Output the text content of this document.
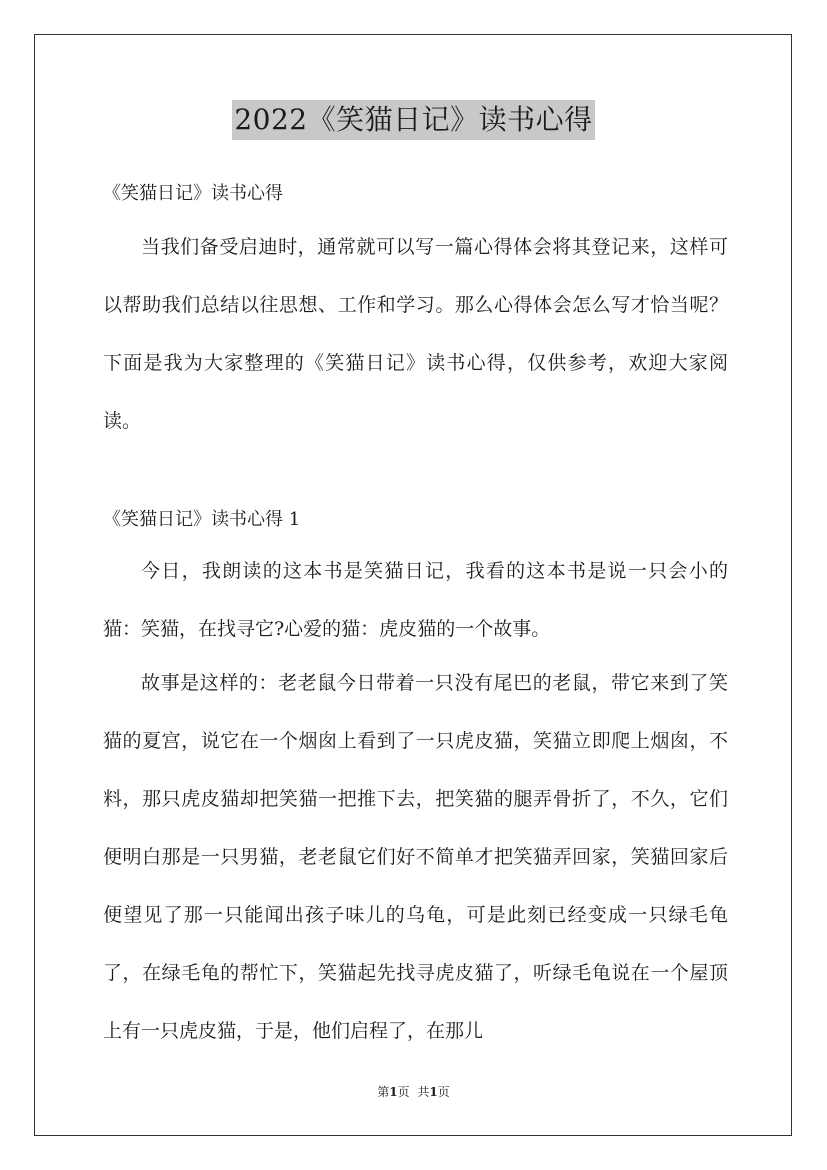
2022《笑猫日记》读书心得
《笑猫日记》读书心得

当我们备受启迪时，通常就可以写一篇心得体会将其登记来，这样可以帮助我们总结以往思想、工作和学习。那么心得体会怎么写才恰当呢？下面是我为大家整理的《笑猫日记》读书心得，仅供参考，欢迎大家阅读。

《笑猫日记》读书心得 1

今日，我朗读的这本书是笑猫日记，我看的这本书是说一只会小的猫：笑猫，在找寻它?心爱的猫：虎皮猫的一个故事。

故事是这样的：老老鼠今日带着一只没有尾巴的老鼠，带它来到了笑猫的夏宫，说它在一个烟囱上看到了一只虎皮猫，笑猫立即爬上烟囱，不料，那只虎皮猫却把笑猫一把推下去，把笑猫的腿弄骨折了，不久，它们便明白那是一只男猫，老老鼠它们好不简单才把笑猫弄回家，笑猫回家后便望见了那一只能闻出孩子味儿的乌龟，可是此刻已经变成一只绿毛龟了，在绿毛龟的帮忙下，笑猫起先找寻虎皮猫了，听绿毛龟说在一个屋顶上有一只虎皮猫，于是，他们启程了，在那儿

第1页 共1页
